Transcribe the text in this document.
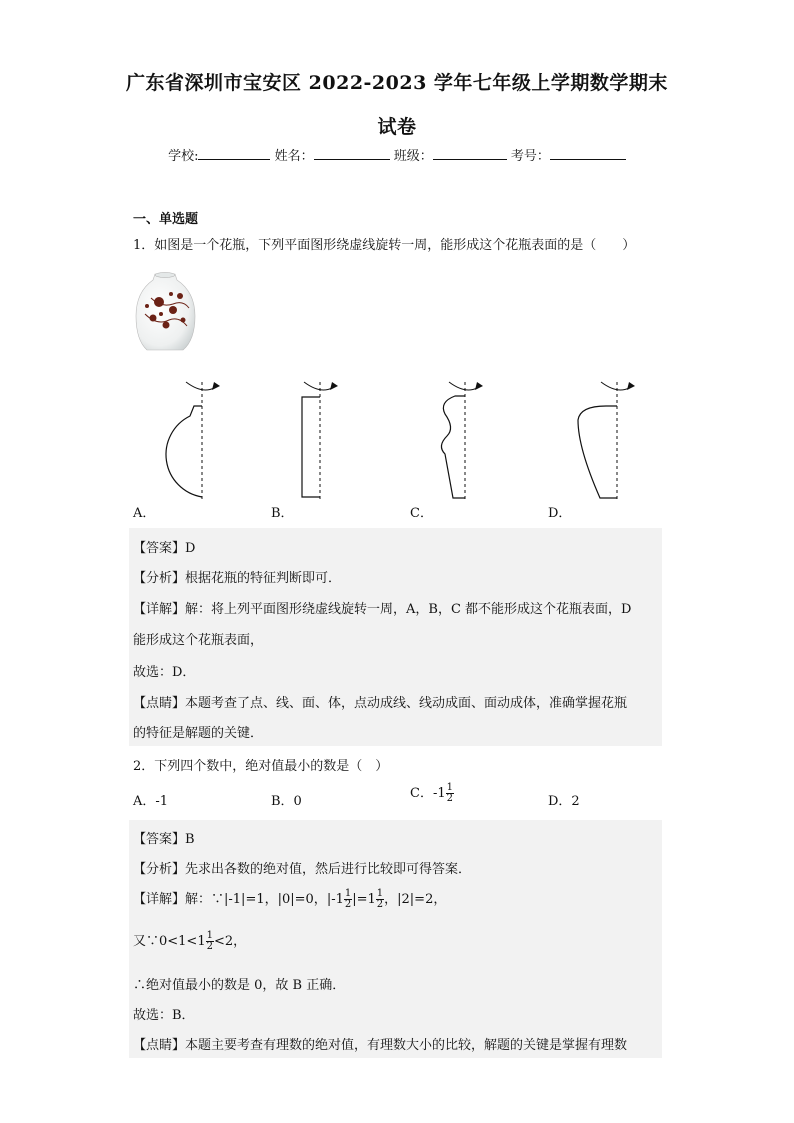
广东省深圳市宝安区 2022-2023 学年七年级上学期数学期末
试卷
学校:	姓名：	班级：	考号：
一、单选题
1．如图是一个花瓶，下列平面图形绕虚线旋转一周，能形成这个花瓶表面的是（　　）
A．	B．	C．	D．
【答案】D
【分析】根据花瓶的特征判断即可．
【详解】解：将上列平面图形绕虚线旋转一周，A，B，C 都不能形成这个花瓶表面，D
能形成这个花瓶表面，
故选：D．
【点睛】本题考查了点、线、面、体，点动成线、线动成面、面动成体，准确掌握花瓶
的特征是解题的关键．
2．下列四个数中，绝对值最小的数是（　）
A．-1	B．0
C．$-1 \frac{1}{2}$	D．2
【答案】B
【分析】先求出各数的绝对值，然后进行比较即可得答案．
【详解】解：∵|-1|=1，|0|=0，$|-1 \frac{1}{2} |=1 \frac{1}{2}$ ，|2|=2，
又∵0<1<1 $\frac{1}{2} <2$，
∴绝对值最小的数是 0，故 B 正确．
故选：B．
【点睛】本题主要考查有理数的绝对值，有理数大小的比较，解题的关键是掌握有理数
